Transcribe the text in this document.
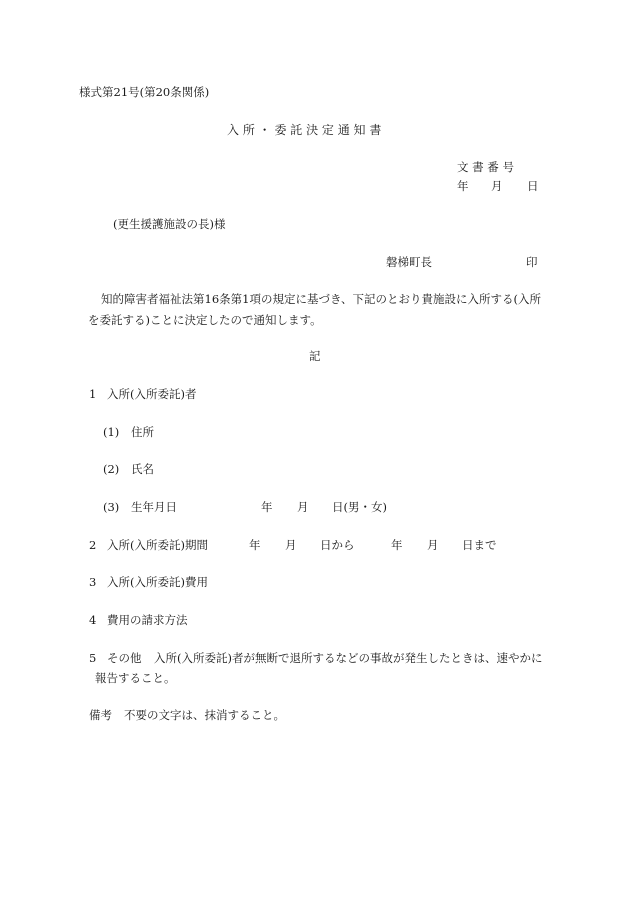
様式第21号(第20条関係)
入 所 ・ 委 託 決 定 通 知 書
文 書 番 号
年 月 日
(更生援護施設の長)様
磐梯町長	印
知的障害者福祉法第16条第1項の規定に基づき、下記のとおり貴施設に入所する(入所
を委託する)ことに決定したので通知します。
記
1 入所(入所委託)者
(1) 住所
(2) 氏名
(3) 生年月日	年 月 日(男・女)
2 入所(入所委託)期間	年 月 日から	年 月 日まで
3 入所(入所委託)費用
4 費用の請求方法
5 その他 入所(入所委託)者が無断で退所するなどの事故が発生したときは、速やかに
報告すること。
備考 不要の文字は、抹消すること。
